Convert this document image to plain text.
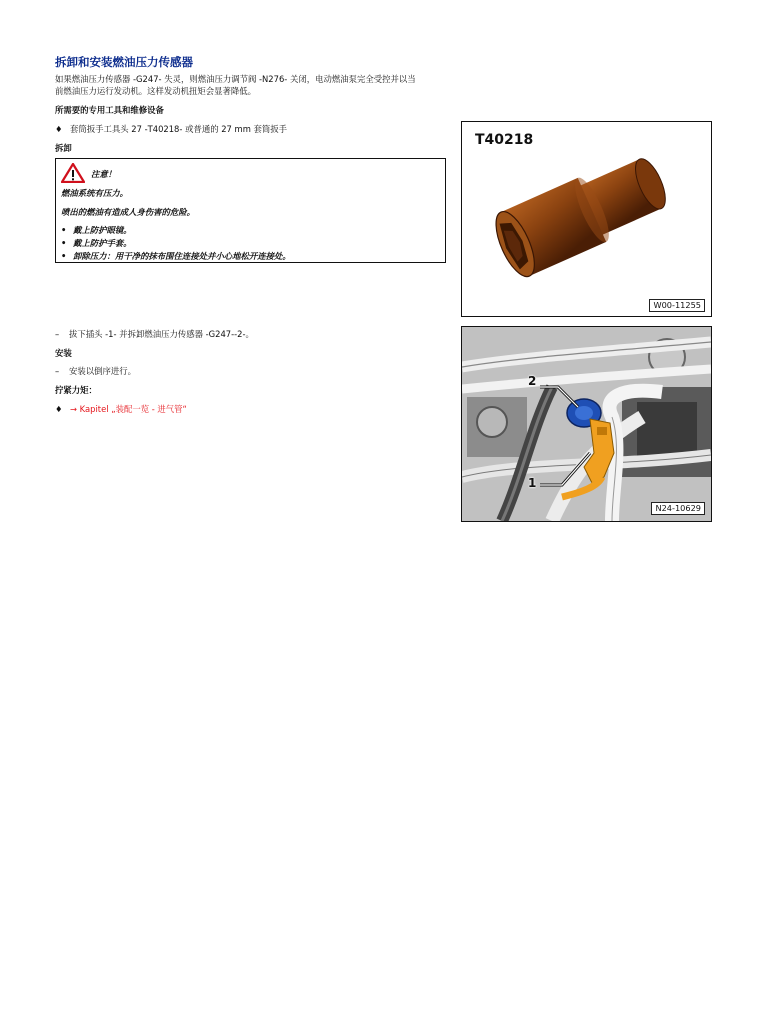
拆卸和安装燃油压力传感器
如果燃油压力传感器 -G247- 失灵，则燃油压力调节阀 -N276- 关闭，电动燃油泵完全受控并以当
前燃油压力运行发动机。这样发动机扭矩会显著降低。
所需要的专用工具和维修设备
♦ 套筒扳手工具头 27 -T40218- 或普通的 27 mm 套筒扳手
拆卸
注意！
燃油系统有压力。
喷出的燃油有造成人身伤害的危险。
• 戴上防护眼镜。
• 戴上防护手套。
• 卸除压力：用干净的抹布围住连接处并小心地松开连接处。
– 拔下插头 -1- 并拆卸燃油压力传感器 -G247--2-。
安装
– 安装以倒序进行。
拧紧力矩：
♦ → Kapitel „装配一览 - 进气管“
T40218
W00-11255
2
1
N24-10629
